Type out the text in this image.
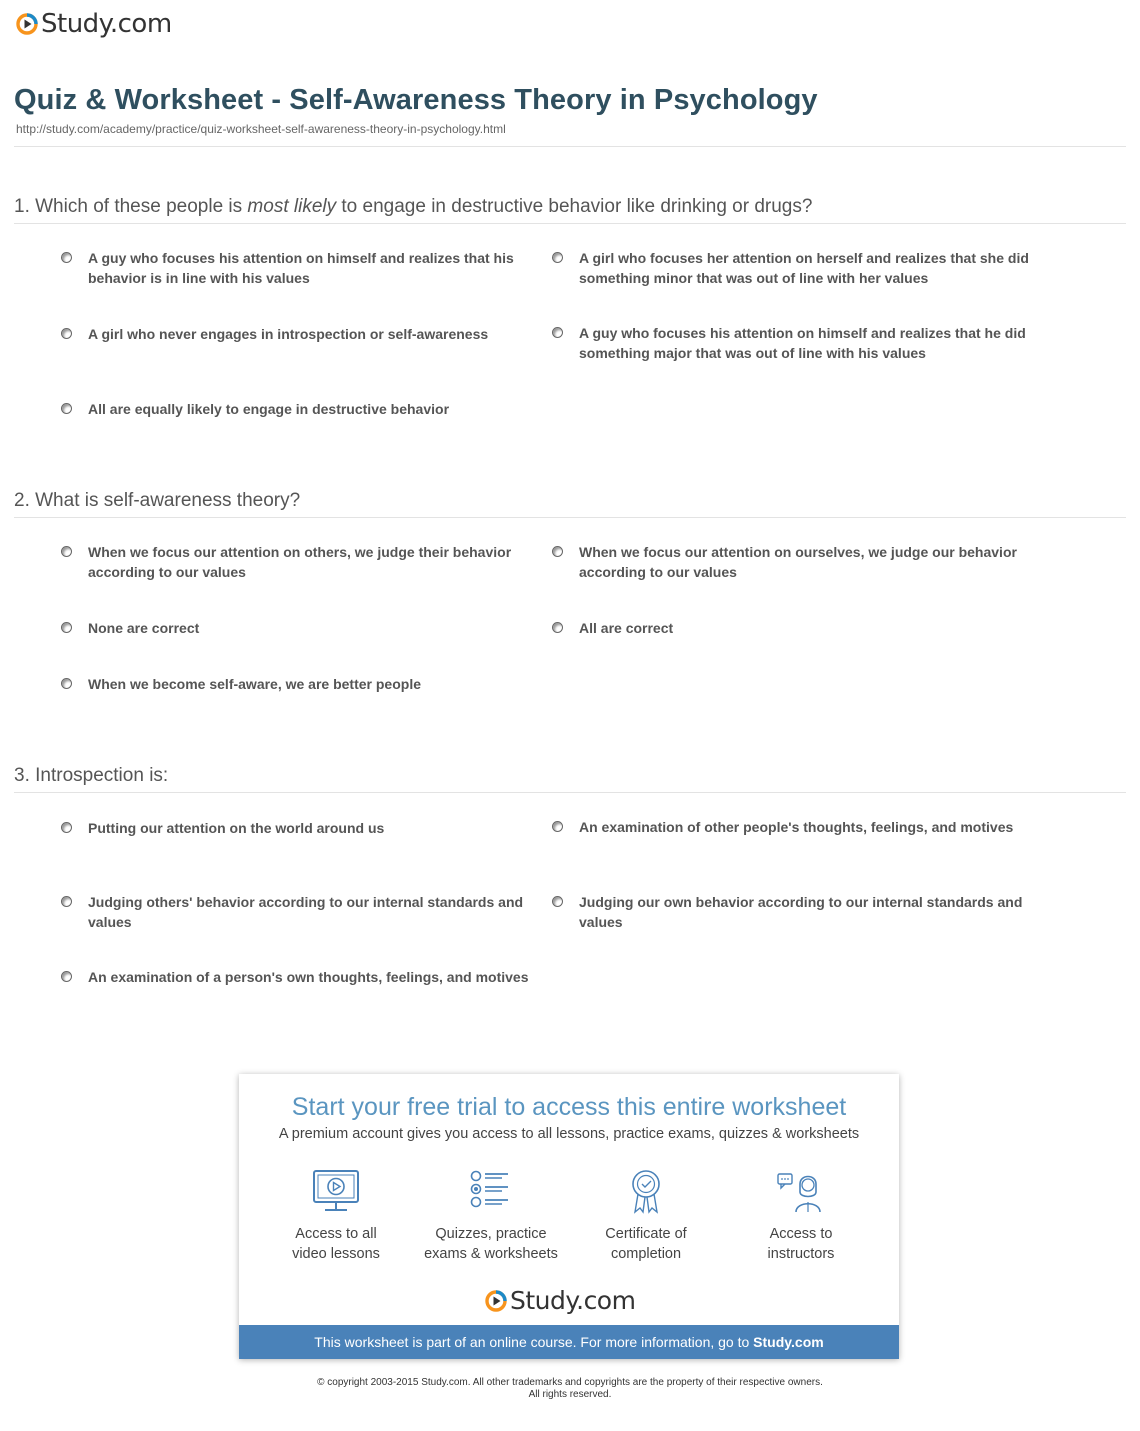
Study.com
Quiz & Worksheet - Self-Awareness Theory in Psychology
http://study.com/academy/practice/quiz-worksheet-self-awareness-theory-in-psychology.html
1. Which of these people is most likely to engage in destructive behavior like drinking or drugs?
A guy who focuses his attention on himself and realizes that his behavior is in line with his values
A girl who focuses her attention on herself and realizes that she did something minor that was out of line with her values
A girl who never engages in introspection or self-awareness	A guy who focuses his attention on himself and realizes that he did something major that was out of line with his values
All are equally likely to engage in destructive behavior
2. What is self-awareness theory?
When we focus our attention on others, we judge their behavior according to our values
When we focus our attention on ourselves, we judge our behavior according to our values
None are correct	All are correct
When we become self-aware, we are better people
3. Introspection is:
Putting our attention on the world around us	An examination of other people's thoughts, feelings, and motives
Judging others' behavior according to our internal standards and values
Judging our own behavior according to our internal standards and values
An examination of a person's own thoughts, feelings, and motives
Start your free trial to access this entire worksheet
A premium account gives you access to all lessons, practice exams, quizzes & worksheets
Access to all
video lessons
Quizzes, practice
exams & worksheets
Certificate of
completion
Access to
instructors
Study.com
This worksheet is part of an online course. For more information, go to Study.com
© copyright 2003-2015 Study.com. All other trademarks and copyrights are the property of their respective owners.
All rights reserved.
